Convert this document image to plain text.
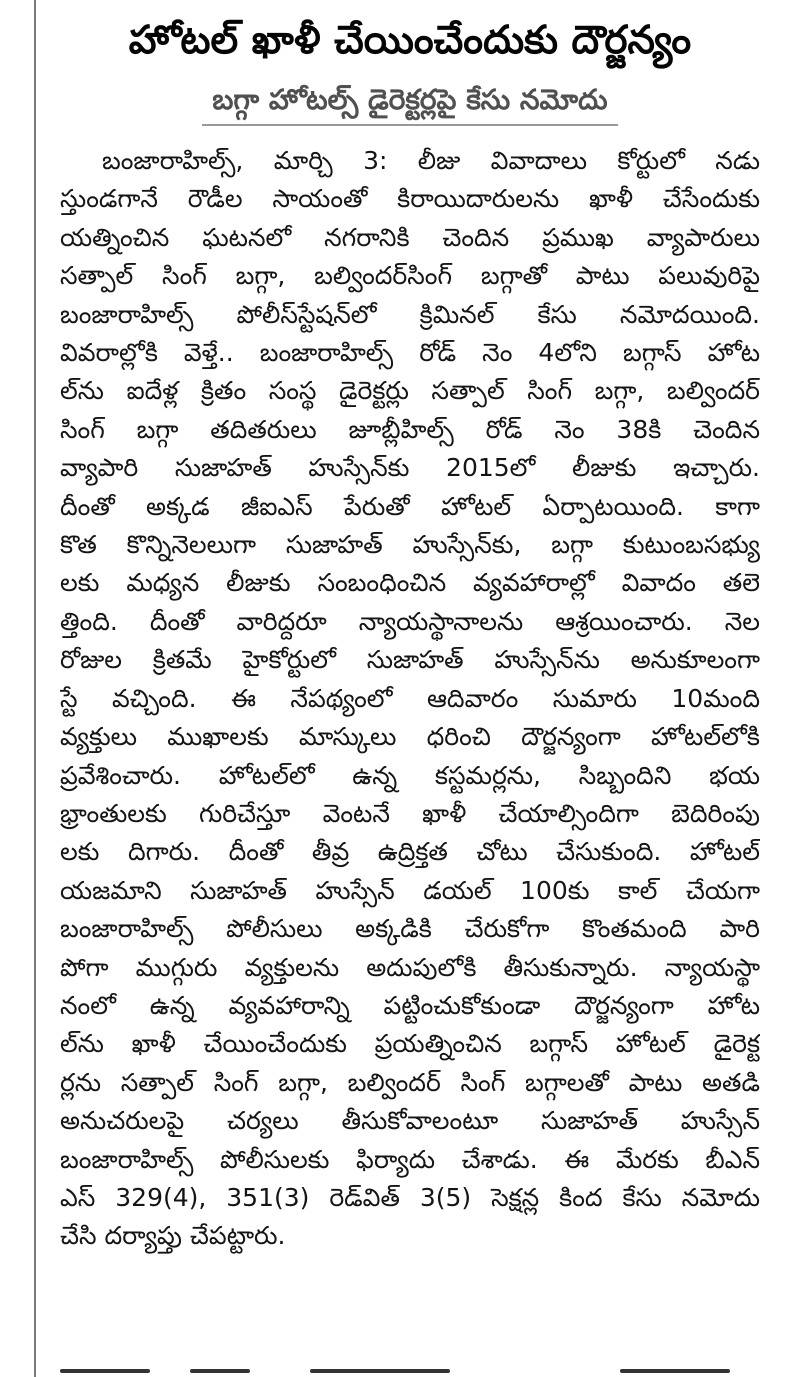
హోటల్ ఖాళీ చేయించేందుకు దౌర్జన్యం
బగ్గా హోటల్స్ డైరెక్టర్లపై కేసు నమోదు
బంజారాహిల్స్, మార్చి 3: లీజు వివాదాలు కోర్టులో నడు
స్తుండగానే రౌడీల సాయంతో కిరాయిదారులను ఖాళీ చేసేందుకు
యత్నించిన ఘటనలో నగరానికి చెందిన ప్రముఖ వ్యాపారులు
సత్పాల్ సింగ్ బగ్గా, బల్విందర్‌సింగ్ బగ్గాతో పాటు పలువురిపై
బంజారాహిల్స్ పోలీస్‌స్టేషన్‌లో క్రిమినల్ కేసు నమోదయింది.
వివరాల్లోకి వెళ్తే.. బంజారాహిల్స్ రోడ్ నెం 4లోని బగ్గాస్ హోట
ల్‌ను ఐదేళ్ల క్రితం సంస్థ డైరెక్టర్లు సత్పాల్ సింగ్ బగ్గా, బల్విందర్
సింగ్ బగ్గా తదితరులు జూబ్లీహిల్స్ రోడ్ నెం 38కి చెందిన
వ్యాపారి సుజాహత్ హుస్సేన్‌కు 2015లో లీజుకు ఇచ్చారు.
దీంతో అక్కడ జీఐఎస్ పేరుతో హోటల్ ఏర్పాటయింది. కాగా
కొత కొన్నినెలలుగా సుజాహత్ హుస్సేన్‌కు, బగ్గా కుటుంబసభ్యు
లకు మధ్యన లీజుకు సంబంధించిన వ్యవహారాల్లో వివాదం తలె
త్తింది. దీంతో వారిద్దరూ న్యాయస్థానాలను ఆశ్రయించారు. నెల
రోజుల క్రితమే హైకోర్టులో సుజాహత్ హుస్సేన్‌ను అనుకూలంగా
స్టే వచ్చింది. ఈ నేపథ్యంలో ఆదివారం సుమారు 10మంది
వ్యక్తులు ముఖాలకు మాస్కులు ధరించి దౌర్జన్యంగా హోటల్‌లోకి
ప్రవేశించారు. హోటల్‌లో ఉన్న కస్టమర్లను, సిబ్బందిని భయ
భ్రాంతులకు గురిచేస్తూ వెంటనే ఖాళీ చేయాల్సిందిగా బెదిరింపు
లకు దిగారు. దీంతో తీవ్ర ఉద్రిక్తత చోటు చేసుకుంది. హోటల్
యజమాని సుజాహత్ హుస్సేన్ డయల్ 100కు కాల్ చేయగా
బంజారాహిల్స్ పోలీసులు అక్కడికి చేరుకోగా కొంతమంది పారి
పోగా ముగ్గురు వ్యక్తులను అదుపులోకి తీసుకున్నారు. న్యాయస్థా
నంలో ఉన్న వ్యవహారాన్ని పట్టించుకోకుండా దౌర్జన్యంగా హోట
ల్‌ను ఖాళీ చేయించేందుకు ప్రయత్నించిన బగ్గాస్ హోటల్ డైరెక్ట
ర్లను సత్పాల్ సింగ్ బగ్గా, బల్విందర్ సింగ్ బగ్గాలతో పాటు అతడి
అనుచరులపై చర్యలు తీసుకోవాలంటూ సుజాహత్ హుస్సేన్
బంజారాహిల్స్ పోలీసులకు ఫిర్యాదు చేశాడు. ఈ మేరకు బీఎన్
ఎస్ 329(4), 351(3) రెడ్‌విత్ 3(5) సెక్షన్ల కింద కేసు నమోదు
చేసి దర్యాప్తు చేపట్టారు.
